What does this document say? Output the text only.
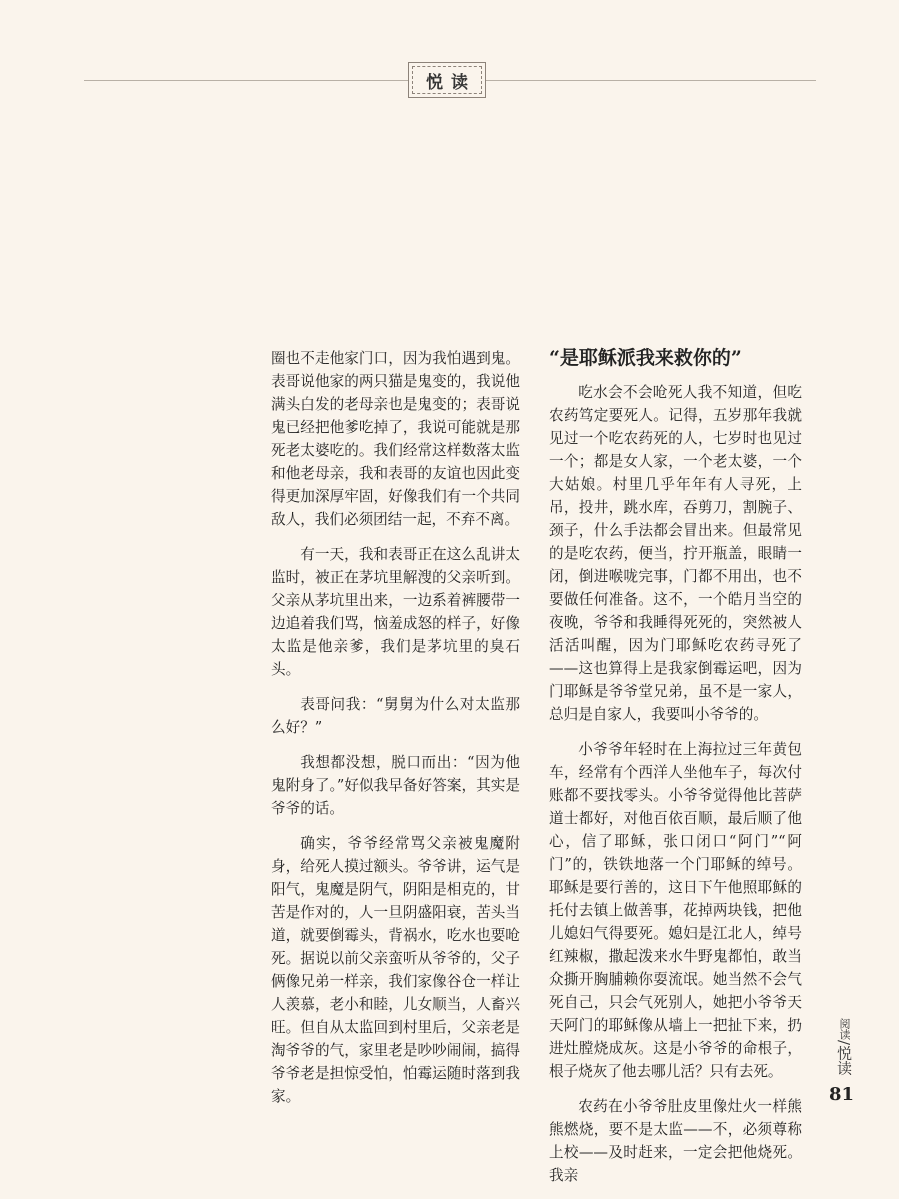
悦读

圈也不走他家门口，因为我怕遇到鬼。表哥说他家的两只猫是鬼变的，我说他满头白发的老母亲也是鬼变的；表哥说鬼已经把他爹吃掉了，我说可能就是那死老太婆吃的。我们经常这样数落太监和他老母亲，我和表哥的友谊也因此变得更加深厚牢固，好像我们有一个共同敌人，我们必须团结一起，不弃不离。

有一天，我和表哥正在这么乱讲太监时，被正在茅坑里解溲的父亲听到。父亲从茅坑里出来，一边系着裤腰带一边追着我们骂，恼羞成怒的样子，好像太监是他亲爹，我们是茅坑里的臭石头。

表哥问我：“舅舅为什么对太监那么好？”

我想都没想，脱口而出：“因为他鬼附身了。”好似我早备好答案，其实是爷爷的话。

确实，爷爷经常骂父亲被鬼魔附身，给死人摸过额头。爷爷讲，运气是阳气，鬼魔是阴气，阴阳是相克的，甘苦是作对的，人一旦阴盛阳衰，苦头当道，就要倒霉头，背祸水，吃水也要呛死。据说以前父亲蛮听从爷爷的，父子俩像兄弟一样亲，我们家像谷仓一样让人羡慕，老小和睦，儿女顺当，人畜兴旺。但自从太监回到村里后，父亲老是淘爷爷的气，家里老是吵吵闹闹，搞得爷爷老是担惊受怕，怕霉运随时落到我家。

“是耶稣派我来救你的”

吃水会不会呛死人我不知道，但吃农药笃定要死人。记得，五岁那年我就见过一个吃农药死的人，七岁时也见过一个；都是女人家，一个老太婆，一个大姑娘。村里几乎年年有人寻死，上吊，投井，跳水库，吞剪刀，割腕子、颈子，什么手法都会冒出来。但最常见的是吃农药，便当，拧开瓶盖，眼睛一闭，倒进喉咙完事，门都不用出，也不要做任何准备。这不，一个皓月当空的夜晚，爷爷和我睡得死死的，突然被人活活叫醒，因为门耶稣吃农药寻死了——这也算得上是我家倒霉运吧，因为门耶稣是爷爷堂兄弟，虽不是一家人，总归是自家人，我要叫小爷爷的。

小爷爷年轻时在上海拉过三年黄包车，经常有个西洋人坐他车子，每次付账都不要找零头。小爷爷觉得他比菩萨道士都好，对他百依百顺，最后顺了他心，信了耶稣，张口闭口“阿门”“阿门”的，铁铁地落一个门耶稣的绰号。耶稣是要行善的，这日下午他照耶稣的托付去镇上做善事，花掉两块钱，把他儿媳妇气得要死。媳妇是江北人，绰号红辣椒，撒起泼来水牛野鬼都怕，敢当众撕开胸脯赖你耍流氓。她当然不会气死自己，只会气死别人，她把小爷爷天天阿门的耶稣像从墙上一把扯下来，扔进灶膛烧成灰。这是小爷爷的命根子，根子烧灰了他去哪儿活？只有去死。

农药在小爷爷肚皮里像灶火一样熊熊燃烧，要不是太监——不，必须尊称上校——及时赶来，一定会把他烧死。我亲

阅读/悦读
81
